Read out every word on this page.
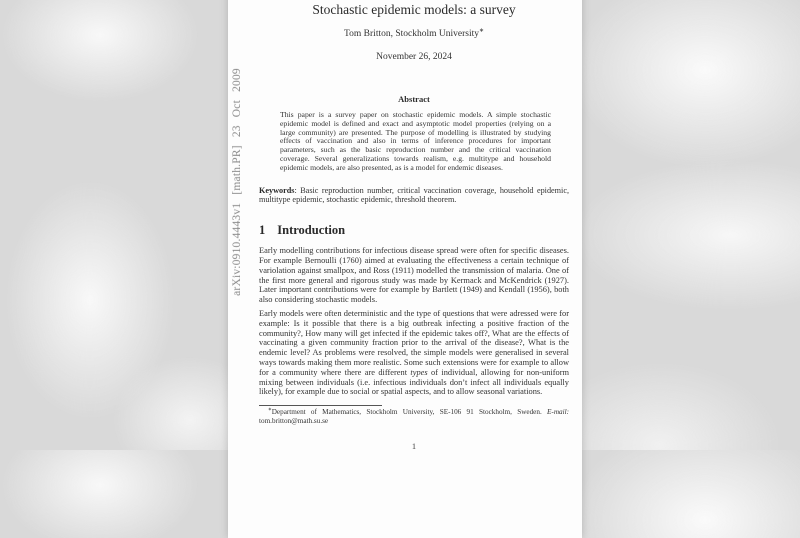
Stochastic epidemic models: a survey
Tom Britton, Stockholm University∗
November 26, 2024
Abstract
This paper is a survey paper on stochastic epidemic models. A simple stochastic epidemic model is defined and exact and asymptotic model properties (relying on a large community) are presented. The purpose of modelling is illustrated by studying effects of vaccination and also in terms of inference procedures for important parameters, such as the basic reproduction number and the critical vaccination coverage. Several generalizations towards realism, e.g. multitype and household epidemic models, are also presented, as is a model for endemic diseases.
Keywords: Basic reproduction number, critical vaccination coverage, household epidemic, multitype epidemic, stochastic epidemic, threshold theorem.
1 Introduction
Early modelling contributions for infectious disease spread were often for specific diseases. For example Bernoulli (1760) aimed at evaluating the effectiveness a certain technique of variolation against smallpox, and Ross (1911) modelled the transmission of malaria. One of the first more general and rigorous study was made by Kermack and McKendrick (1927). Later important contributions were for example by Bartlett (1949) and Kendall (1956), both also considering stochastic models.
Early models were often deterministic and the type of questions that were adressed were for example: Is it possible that there is a big outbreak infecting a positive fraction of the community?, How many will get infected if the epidemic takes off?, What are the effects of vaccinating a given community fraction prior to the arrival of the disease?, What is the endemic level? As problems were resolved, the simple models were generalised in several ways towards making them more realistic. Some such extensions were for example to allow for a community where there are different types of individual, allowing for non-uniform mixing between individuals (i.e. infectious individuals don’t infect all individuals equally likely), for example due to social or spatial aspects, and to allow seasonal variations.
∗Department of Mathematics, Stockholm University, SE-106 91 Stockholm, Sweden. E-mail: tom.britton@math.su.se
1
arXiv:0910.4443v1 [math.PR] 23 Oct 2009
